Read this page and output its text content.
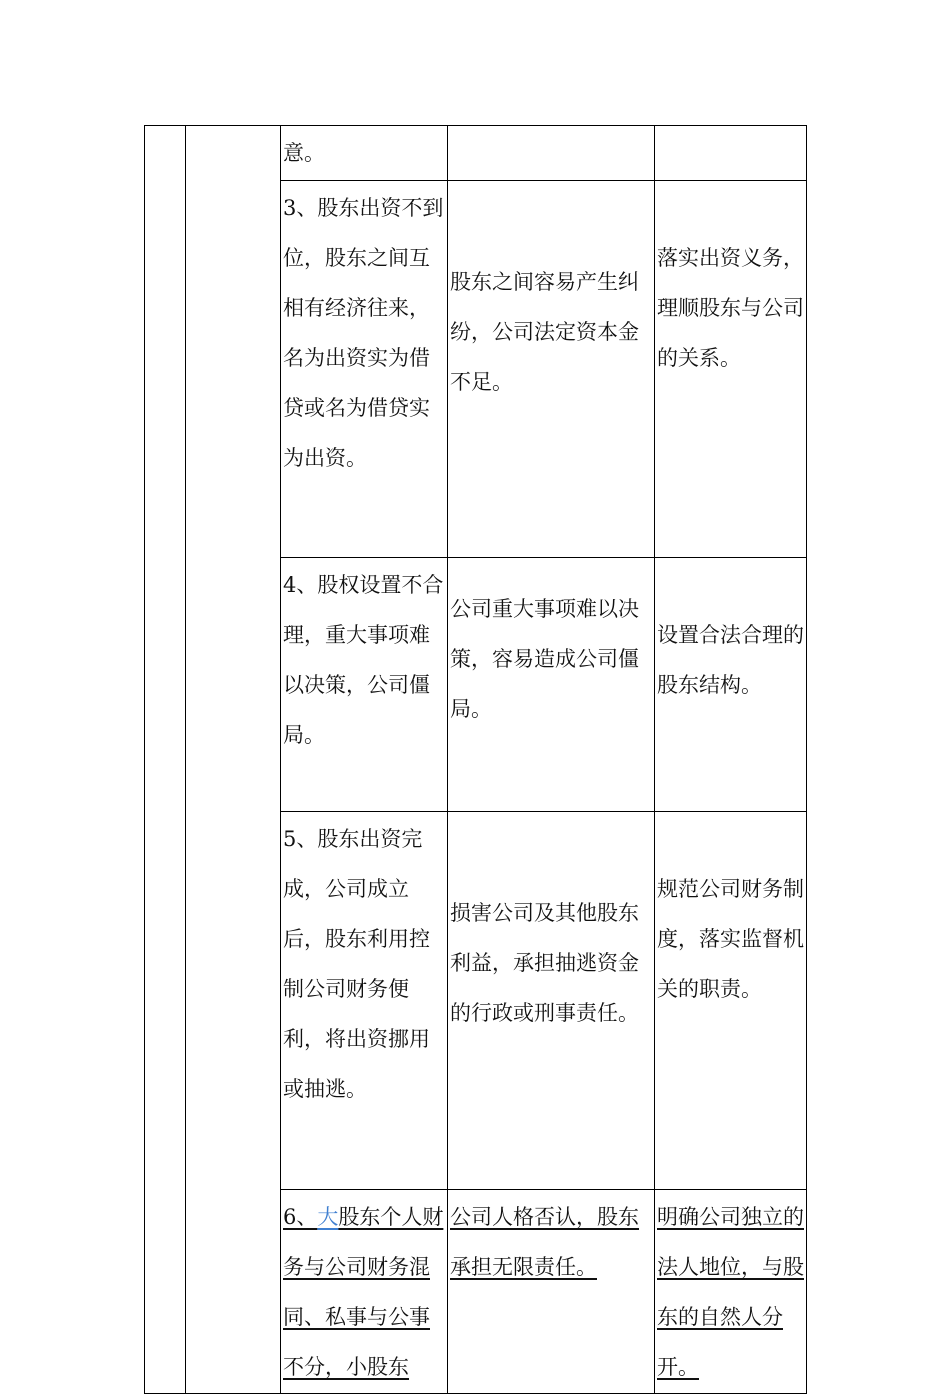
		意。		
		3、股东出资不到位，股东之间互相有经济往来，名为出资实为借贷或名为借贷实为出资。	股东之间容易产生纠纷，公司法定资本金不足。	落实出资义务，理顺股东与公司的关系。
		4、股权设置不合理，重大事项难以决策，公司僵局。	公司重大事项难以决策，容易造成公司僵局。	设置合法合理的股东结构。
		5、股东出资完成，公司成立后，股东利用控制公司财务便利，将出资挪用或抽逃。	损害公司及其他股东利益，承担抽逃资金的行政或刑事责任。	规范公司财务制度，落实监督机关的职责。
		6、大股东个人财务与公司财务混同、私事与公事不分，小股东	公司人格否认，股东承担无限责任。	明确公司独立的法人地位，与股东的自然人分开。
